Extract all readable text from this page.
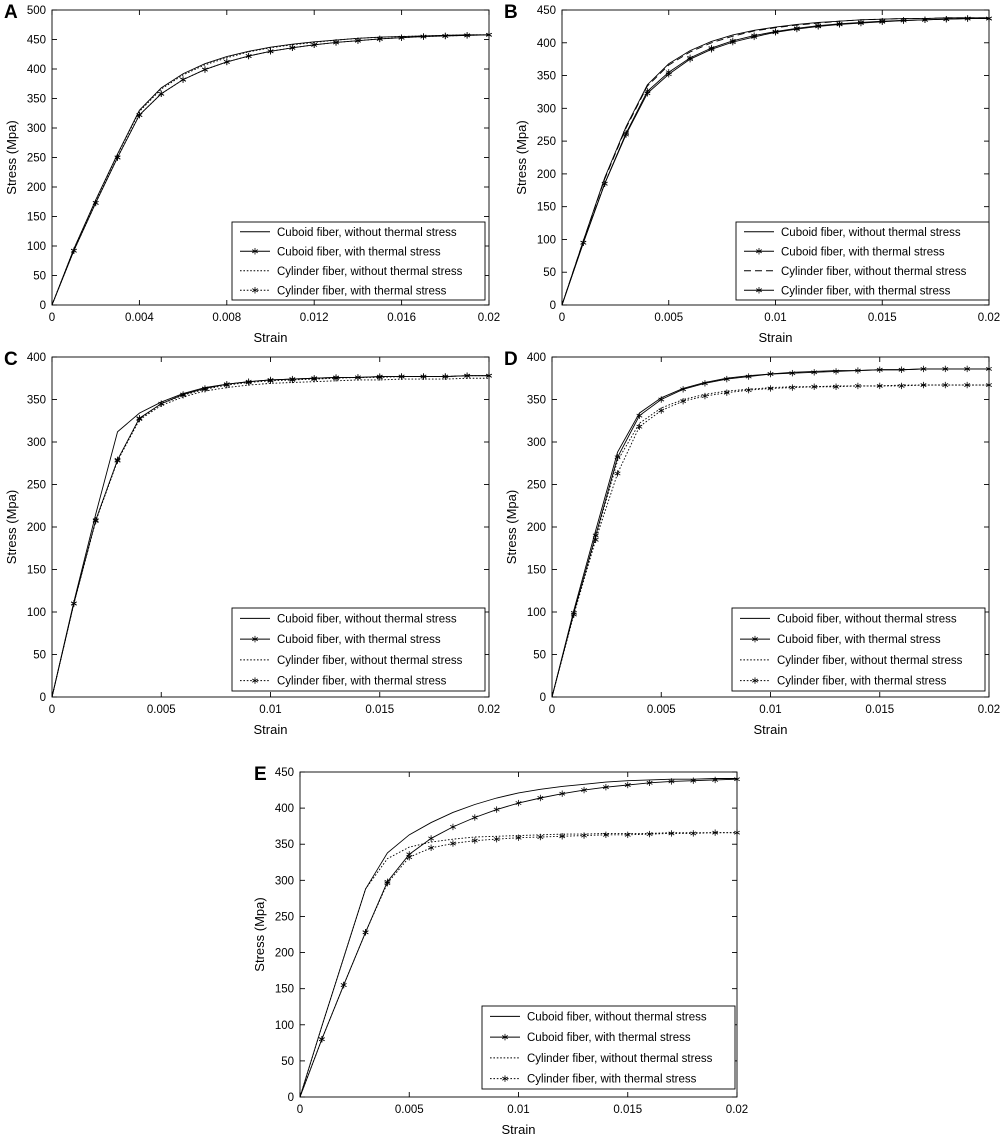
A	B
C	D
E
0
50
100
150
200
250
300
350
400
450
500
0	0.004	0.008	0.012	0.016	0.02
Strain
Stress (Mpa)
Cuboid fiber, without thermal stress
Cuboid fiber, with thermal stress
Cylinder fiber, without thermal stress
Cylinder fiber, with thermal stress
0
50
100
150
200
250
300
350
400
450
0	0.005	0.01	0.015	0.02
Strain
Stress (Mpa)
Cuboid fiber, without thermal stress
Cuboid fiber, with thermal stress
Cylinder fiber, without thermal stress
Cylinder fiber, with thermal stress
0
50
100
150
200
250
300
350
400
0	0.005	0.01	0.015	0.02
Strain
Stress (Mpa)
Cuboid fiber, without thermal stress
Cuboid fiber, with thermal stress
Cylinder fiber, without thermal stress
Cylinder fiber, with thermal stress
0
50
100
150
200
250
300
350
400
0	0.005	0.01	0.015	0.02
Strain
Stress (Mpa)
Cuboid fiber, without thermal stress
Cuboid fiber, with thermal stress
Cylinder fiber, without thermal stress
Cylinder fiber, with thermal stress
0
50
100
150
200
250
300
350
400
450
0	0.005	0.01	0.015	0.02
Strain
Stress (Mpa)
Cuboid fiber, without thermal stress
Cuboid fiber, with thermal stress
Cylinder fiber, without thermal stress
Cylinder fiber, with thermal stress
